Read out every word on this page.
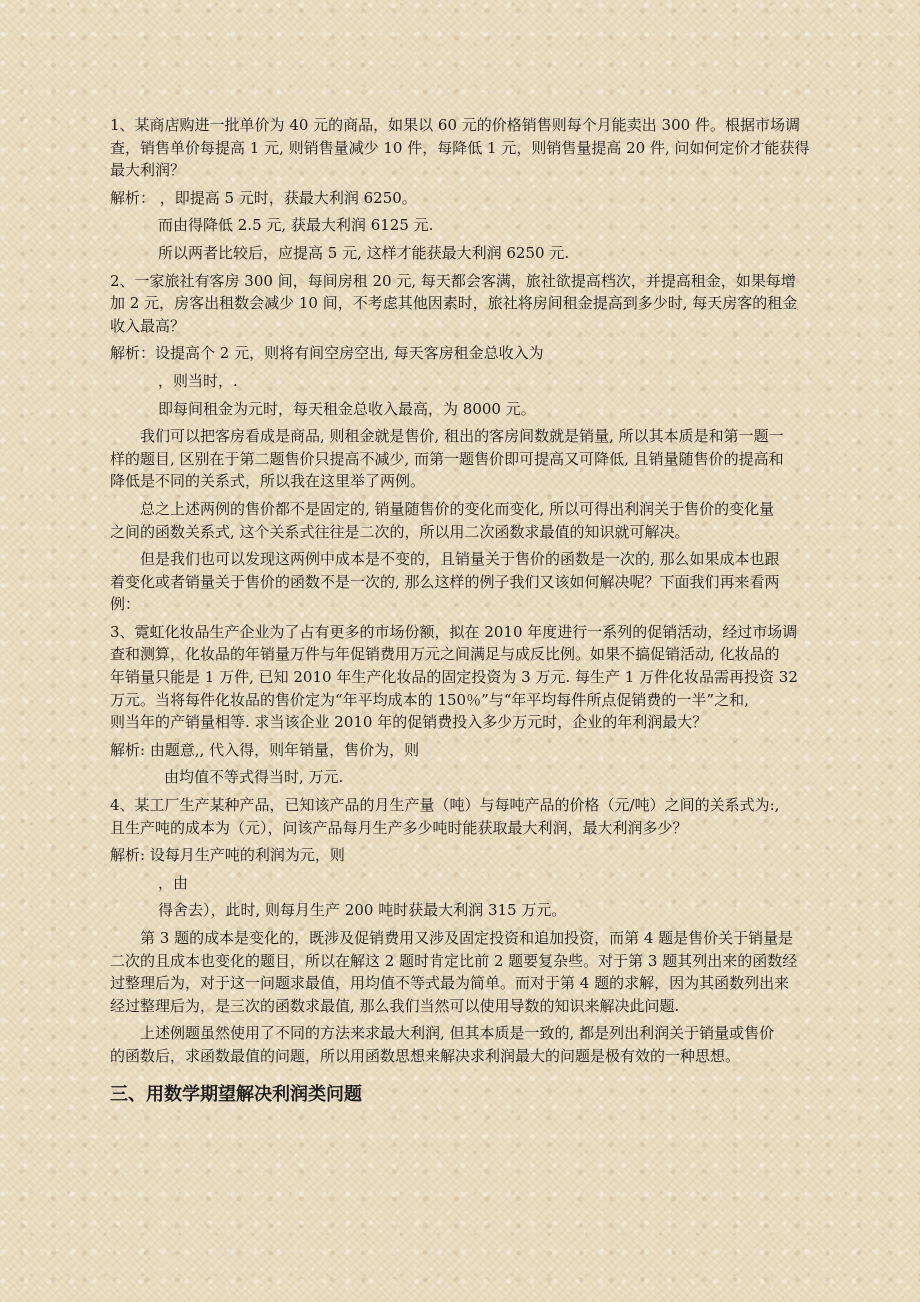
1、某商店购进一批单价为 40 元的商品，如果以 60 元的价格销售则每个月能卖出 300 件。根据市场调

查，销售单价每提高 1 元, 则销售量减少 10 件，每降低 1 元，则销售量提高 20 件, 问如何定价才能获得

最大利润？

解析： ，即提高 5 元时，获最大利润 6250。

而由得降低 2.5 元, 获最大利润 6125 元.

所以两者比较后，应提高 5 元, 这样才能获最大利润 6250 元.

2、一家旅社有客房 300 间，每间房租 20 元, 每天都会客满，旅社欲提高档次，并提高租金，如果每增

加 2 元，房客出租数会减少 10 间，不考虑其他因素时，旅社将房间租金提高到多少时, 每天房客的租金

收入最高？

解析：设提高个 2 元，则将有间空房空出, 每天客房租金总收入为

，则当时，.

即每间租金为元时，每天租金总收入最高，为 8000 元。

我们可以把客房看成是商品, 则租金就是售价, 租出的客房间数就是销量, 所以其本质是和第一题一

样的题目, 区别在于第二题售价只提高不减少, 而第一题售价即可提高又可降低, 且销量随售价的提高和

降低是不同的关系式，所以我在这里举了两例。

总之上述两例的售价都不是固定的, 销量随售价的变化而变化, 所以可得出利润关于售价的变化量

之间的函数关系式, 这个关系式往往是二次的，所以用二次函数求最值的知识就可解决。

但是我们也可以发现这两例中成本是不变的，且销量关于售价的函数是一次的, 那么如果成本也跟

着变化或者销量关于售价的函数不是一次的, 那么这样的例子我们又该如何解决呢？下面我们再来看两

例：

3、霓虹化妆品生产企业为了占有更多的市场份额，拟在 2010 年度进行一系列的促销活动，经过市场调

查和测算，化妆品的年销量万件与年促销费用万元之间满足与成反比例。如果不搞促销活动, 化妆品的

年销量只能是 1 万件, 已知 2010 年生产化妆品的固定投资为 3 万元. 每生产 1 万件化妆品需再投资 32

万元。当将每件化妆品的售价定为“年平均成本的 150％”与“年平均每件所点促销费的一半”之和,

则当年的产销量相等. 求当该企业 2010 年的促销费投入多少万元时，企业的年利润最大？

解析: 由题意,, 代入得，则年销量，售价为，则

由均值不等式得当时, 万元.

4、某工厂生产某种产品，已知该产品的月生产量（吨）与每吨产品的价格（元/吨）之间的关系式为:,

且生产吨的成本为（元），问该产品每月生产多少吨时能获取最大利润，最大利润多少？

解析: 设每月生产吨的利润为元，则

，由

得舍去），此时, 则每月生产 200 吨时获最大利润 315 万元。

第 3 题的成本是变化的，既涉及促销费用又涉及固定投资和追加投资，而第 4 题是售价关于销量是

二次的且成本也变化的题目，所以在解这 2 题时肯定比前 2 题要复杂些。对于第 3 题其列出来的函数经

过整理后为，对于这一问题求最值，用均值不等式最为简单。而对于第 4 题的求解，因为其函数列出来

经过整理后为，是三次的函数求最值, 那么我们当然可以使用导数的知识来解决此问题.

上述例题虽然使用了不同的方法来求最大利润, 但其本质是一致的, 都是列出利润关于销量或售价

的函数后，求函数最值的问题，所以用函数思想来解决求利润最大的问题是极有效的一种思想。

三、用数学期望解决利润类问题
